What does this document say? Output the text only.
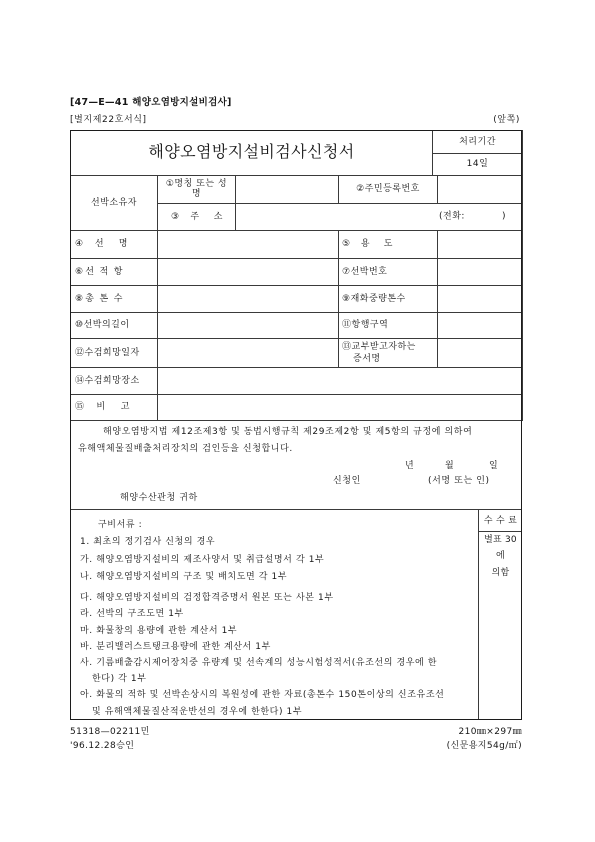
[47—E—41 해양오염방지설비검사]
[별지제22호서식]	(앞쪽)
해양오염방지설비검사신청서	처리기간
14일
선박소유자	①명칭 또는 성명		②주민등록번호	
	③주 소	(전화: )		

④선 명			⑤용 도	
⑥선 적 항			⑦선박번호	
⑧총 톤 수			⑨재화중량톤수	
⑩선박의길이			⑪항행구역	
⑫수검희망일자			⑬교부받고자하는
증서명	

⑭수검희망장소				
⑮비 고				
해양오염방지법 제12조제3항 및 동법시행규칙 제29조제2항 및 제5항의 규정에 의하여
유해액체물질배출처리장치의 검인등을 신청합니다.
년	월	일
신청인	(서명 또는 인)
해양수산관청 귀하
구비서류 :
1. 최초의 정기검사 신청의 경우
가. 해양오염방지설비의 제조사양서 및 취급설명서 각 1부
나. 해양오염방지설비의 구조 및 배치도면 각 1부
다. 해양오염방지설비의 검정합격증명서 원본 또는 사본 1부
라. 선박의 구조도면 1부
마. 화물창의 용량에 관한 계산서 1부
바. 분리밸러스트탱크용량에 관한 계산서 1부
사. 기름배출감시제어장치중 유량계 및 선속계의 성능시험성적서(유조선의 경우에 한
한다) 각 1부
아. 화물의 적하 및 선박손상시의 복원성에 관한 자료(총톤수 150톤이상의 신조유조선
및 유해액체물질산적운반선의 경우에 한한다) 1부
수 수 료
별표 30
에
의함
51318—02211민
'96.12.28승인
210㎜×297㎜
(신문용지54g/㎡)
